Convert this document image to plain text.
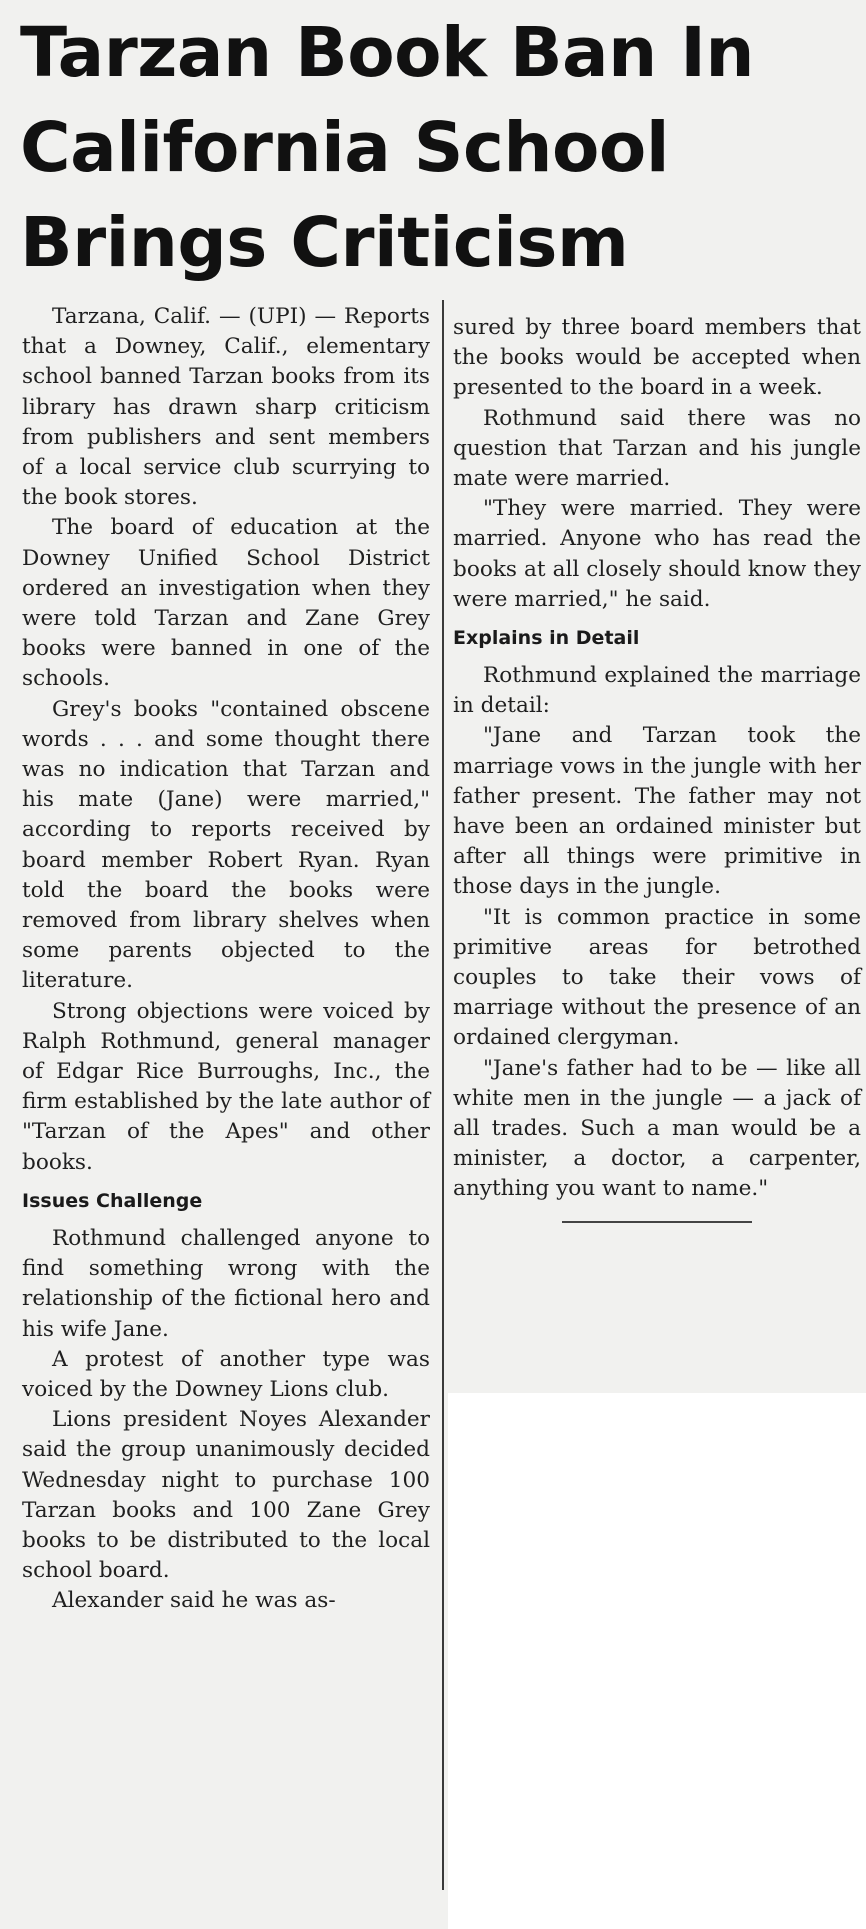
Tarzan Book Ban In
California School
Brings Criticism

Tarzana, Calif. — (UPI) — Reports that a Downey, Calif., elementary school banned Tarzan books from its library has drawn sharp criticism from publishers and sent members of a local service club scurrying to the book stores.

The board of education at the Downey Unified School District ordered an investigation when they were told Tarzan and Zane Grey books were banned in one of the schools.

Grey's books "contained obscene words . . . and some thought there was no indication that Tarzan and his mate (Jane) were married," according to reports received by board member Robert Ryan. Ryan told the board the books were removed from library shelves when some parents objected to the literature.

Strong objections were voiced by Ralph Rothmund, general manager of Edgar Rice Burroughs, Inc., the firm established by the late author of "Tarzan of the Apes" and other books.

Issues Challenge

Rothmund challenged anyone to find something wrong with the relationship of the fictional hero and his wife Jane.

A protest of another type was voiced by the Downey Lions club.

Lions president Noyes Alexander said the group unanimously decided Wednesday night to purchase 100 Tarzan books and 100 Zane Grey books to be distributed to the local school board.

Alexander said he was as-

sured by three board members that the books would be accepted when presented to the board in a week.

Rothmund said there was no question that Tarzan and his jungle mate were married.

"They were married. They were married. Anyone who has read the books at all closely should know they were married," he said.

Explains in Detail

Rothmund explained the marriage in detail:

"Jane and Tarzan took the marriage vows in the jungle with her father present. The father may not have been an ordained minister but after all things were primitive in those days in the jungle.

"It is common practice in some primitive areas for betrothed couples to take their vows of marriage without the presence of an ordained clergyman.

"Jane's father had to be — like all white men in the jungle — a jack of all trades. Such a man would be a minister, a doctor, a carpenter, anything you want to name."
